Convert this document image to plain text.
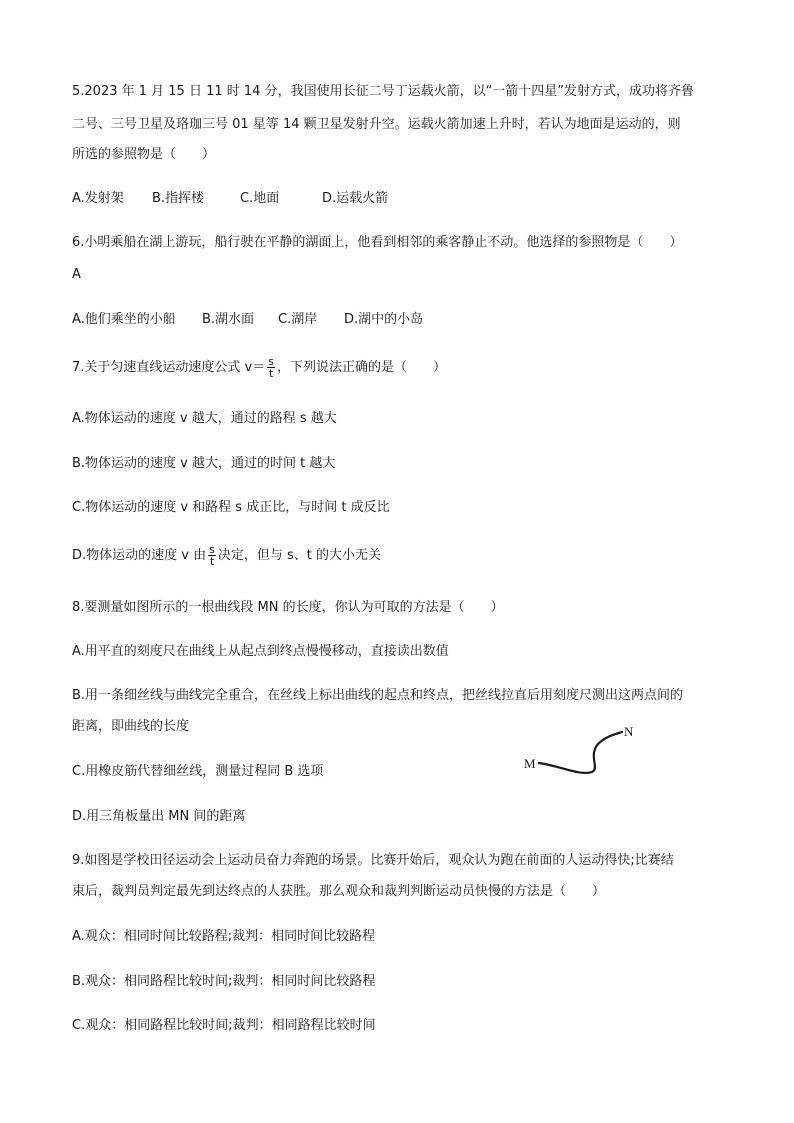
5.2023 年 1 月 15 日 11 时 14 分，我国使用长征二号丁运载火箭，以“一箭十四星”发射方式，成功将齐鲁
二号、三号卫星及珞珈三号 01 星等 14 颗卫星发射升空。运载火箭加速上升时，若认为地面是运动的，则
所选的参照物是（　　）
A.发射架 B.指挥楼	C.地面	D.运载火箭
6.小明乘船在湖上游玩，船行驶在平静的湖面上，他看到相邻的乘客静止不动。他选择的参照物是（　　）
A
A.他们乘坐的小船 B.湖水面 C.湖岸 D.湖中的小岛
7.关于匀速直线运动速度公式 $v= \frac{s}{t}$ ，下列说法正确的是（　　）
A.物体运动的速度 v 越大，通过的路程 s 越大
B.物体运动的速度 v 越大，通过的时间 t 越大
C.物体运动的速度 v 和路程 s 成正比，与时间 t 成反比
D.物体运动的速度 v 由 $\frac{s}{t}$ 决定，但与 s、t 的大小无关
8.要测量如图所示的一根曲线段 MN 的长度，你认为可取的方法是（　　）
A.用平直的刻度尺在曲线上从起点到终点慢慢移动，直接读出数值
B.用一条细丝线与曲线完全重合，在丝线上标出曲线的起点和终点，把丝线拉直后用刻度尺测出这两点间的
距离，即曲线的长度
C.用橡皮筋代替细丝线，测量过程同 B 选项
D.用三角板量出 MN 间的距离
M
N
9.如图是学校田径运动会上运动员奋力奔跑的场景。比赛开始后，观众认为跑在前面的人运动得快;比赛结
束后，裁判员判定最先到达终点的人获胜。那么观众和裁判判断运动员快慢的方法是（　　）
A.观众：相同时间比较路程;裁判：相同时间比较路程
B.观众：相同路程比较时间;裁判：相同时间比较路程
C.观众：相同路程比较时间;裁判：相同路程比较时间
